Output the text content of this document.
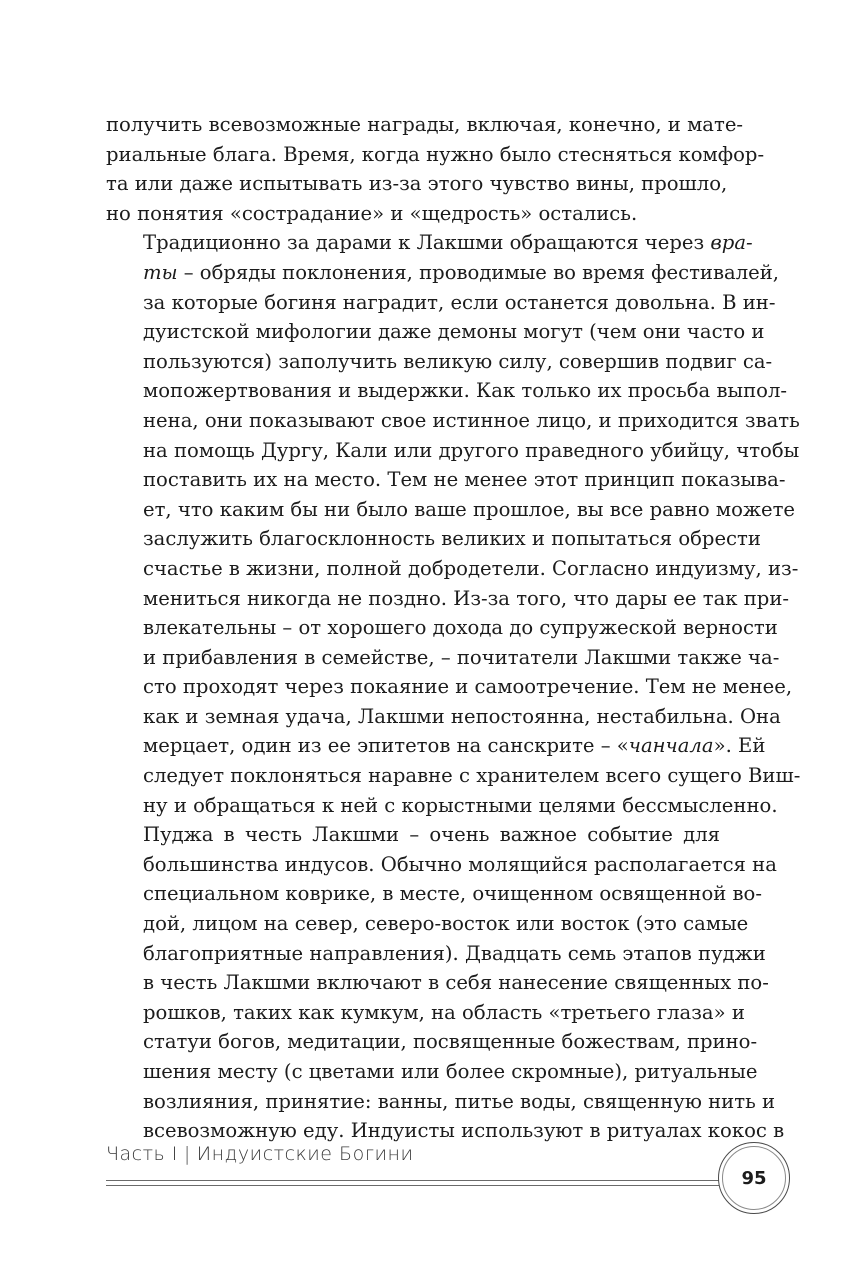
получить всевозможные награды, включая, конечно, и мате-
риальные блага. Время, когда нужно было стесняться комфор-
та или даже испытывать из-за этого чувство вины, прошло,
но понятия «сострадание» и «щедрость» остались.

Традиционно за дарами к Лакшми обращаются через вра-
ты – обряды поклонения, проводимые во время фестивалей,
за которые богиня наградит, если останется довольна. В ин-
дуистской мифологии даже демоны могут (чем они часто и
пользуются) заполучить великую силу, совершив подвиг са-
мопожертвования и выдержки. Как только их просьба выпол-
нена, они показывают свое истинное лицо, и приходится звать
на помощь Дургу, Кали или другого праведного убийцу, чтобы
поставить их на место. Тем не менее этот принцип показыва-
ет, что каким бы ни было ваше прошлое, вы все равно можете
заслужить благосклонность великих и попытаться обрести
счастье в жизни, полной добродетели. Согласно индуизму, из-
мениться никогда не поздно. Из-за того, что дары ее так при-
влекательны – от хорошего дохода до супружеской верности
и прибавления в семействе, – почитатели Лакшми также ча-
сто проходят через покаяние и самоотречение. Тем не менее,
как и земная удача, Лакшми непостоянна, нестабильна. Она
мерцает, один из ее эпитетов на санскрите – «чанчала». Ей
следует поклоняться наравне с хранителем всего сущего Виш-
ну и обращаться к ней с корыстными целями бессмысленно.

Пуджа в честь Лакшми – очень важное событие для
большинства индусов. Обычно молящийся располагается на
специальном коврике, в месте, очищенном освященной во-
дой, лицом на север, северо-восток или восток (это самые
благоприятные направления). Двадцать семь этапов пуджи
в честь Лакшми включают в себя нанесение священных по-
рошков, таких как кумкум, на область «третьего глаза» и
статуи богов, медитации, посвященные божествам, прино-
шения месту (с цветами или более скромные), ритуальные
возлияния, принятие: ванны, питье воды, священную нить и
всевозможную еду. Индуисты используют в ритуалах кокос в

Часть I | Индуистские Богини
95
